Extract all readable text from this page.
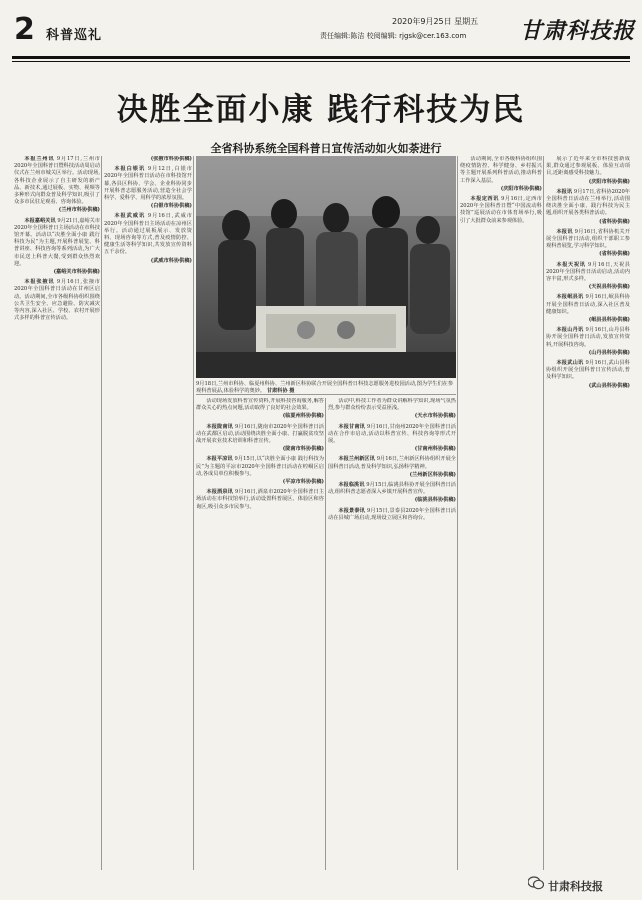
2 科普巡礼
2020年9月25日 星期五
责任编辑:陈洁 校阅编辑: rjgsk@cer.163.com 甘肃科技报
决胜全面小康 践行科技为民
全省科协系统全国科普日宣传活动如火如荼进行
9月18日,兰州市科协、临夏州科协、兰州新区科协联合开展全国科普日科技志愿服务进校园活动,图为学生们在参观科普展品,体验科学的奥妙。 甘肃科协 摄

本报兰州讯 9月17日,兰州市2020年全国科普日暨科技活动周启动仪式在兰州市城关区举行。活动现场,各科技企业展示了自主研发的新产品、新技术,通过展板、实物、视频等多种形式向群众普及科学知识,吸引了众多市民驻足观看、咨询体验。

(兰州市科协供稿)

本报嘉峪关讯 9月21日,嘉峪关市2020年全国科普日主场活动在市科技馆开幕。活动以“决胜全面小康 践行科技为民”为主题,开展科普展览、科普讲座、科技咨询等系列活动,为广大市民送上科普大餐,受到群众热烈欢迎。

(嘉峪关市科协供稿)

本报张掖讯 9月16日,张掖市2020年全国科普日活动在甘州区启动。活动期间,全市各级科协组织围绕公共卫生安全、应急避险、防灾减灾等内容,深入社区、学校、农村开展形式多样的科普宣传活动。

(张掖市科协供稿)

本报白银讯 9月12日,白银市2020年全国科普日活动在市科技馆开幕,各县区科协、学会、企业科协同步开展科普志愿服务活动,营造全社会学科学、爱科学、用科学的浓厚氛围。

(白银市科协供稿)

本报武威讯 9月16日,武威市2020年全国科普日主场活动在凉州区举行。活动通过展板展示、发放资料、现场咨询等方式,普及疫情防控、健康生活等科学知识,共发放宣传资料五千余份。

(武威市科协供稿)

活动现场发放科普宣传资料,开展科技咨询服务,解答群众关心的热点问题,活动取得了良好的社会效果。

(临夏州科协供稿)

本报陇南讯 9月16日,陇南市2020年全国科普日活动在武都区启动,活动围绕决胜全面小康、打赢脱贫攻坚战开展农业技术培训和科普宣传。

(陇南市科协供稿)

本报平凉讯 9月15日,以“决胜全面小康 践行科技为民”为主题的平凉市2020年全国科普日活动在崆峒区启动,各成员单位积极参与。

(平凉市科协供稿)

本报酒泉讯 9月16日,酒泉市2020年全国科普日主场活动在市科技馆举行,活动设置科普展区、体验区和咨询区,吸引众多市民参与。

活动中,科技工作者为群众讲解科学知识,现场气氛热烈,参与群众纷纷表示受益匪浅。

(天水市科协供稿)

本报甘南讯 9月16日,甘南州2020年全国科普日活动在合作市启动,活动以科普宣传、科技咨询等形式开展。

(甘南州科协供稿)

本报兰州新区讯 9月16日,兰州新区科协组织开展全国科普日活动,普及科学知识,弘扬科学精神。

(兰州新区科协供稿)

本报临洮讯 9月15日,临洮县科协开展全国科普日活动,组织科普志愿者深入乡镇开展科普宣传。

(临洮县科协供稿)

本报景泰讯 9月15日,景泰县2020年全国科普日活动在县城广场启动,现场设立展区和咨询台。

活动期间,全市各级科协组织围绕疫情防控、科学健身、乡村振兴等主题开展系列科普活动,推动科普工作深入基层。

(庆阳市科协供稿)

本报定西讯 9月16日,定西市2020年全国科普日暨“中国流动科技馆”巡展活动在市体育场举行,吸引了大批群众前来参观体验。

展示了近年来全市科技创新成果,群众通过参观展板、体验互动项目,近距离感受科技魅力。

(庆阳市科协供稿)

本报讯 9月17日,省科协2020年全国科普日活动在兰州举行,活动围绕决胜全面小康、践行科技为民主题,组织开展各类科普活动。

(省科协供稿)

本报讯 9月16日,省科协机关开展全国科普日活动,组织干部职工参观科普展览,学习科学知识。

(省科协供稿)

本报天祝讯 9月16日,天祝县2020年全国科普日活动启动,活动内容丰富,形式多样。

(天祝县科协供稿)

本报岷县讯 9月16日,岷县科协开展全国科普日活动,深入社区普及健康知识。

(岷县县科协供稿)

本报山丹讯 9月16日,山丹县科协开展全国科普日活动,发放宣传资料,开展科技咨询。

(山丹县科协供稿)

本报武山讯 9月16日,武山县科协组织开展全国科普日宣传活动,普及科学知识。

(武山县科协供稿)

甘肃科技报
